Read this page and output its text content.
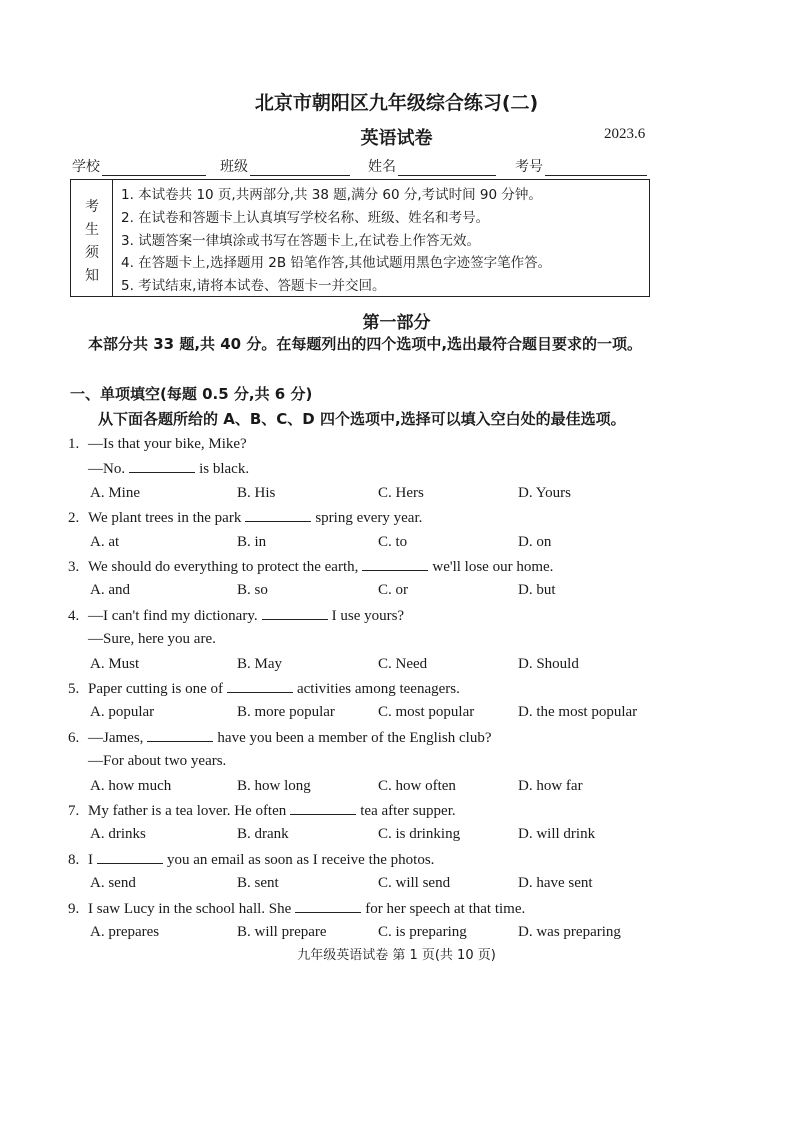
北京市朝阳区九年级综合练习(二)
英语试卷	2023.6
学校	班级	姓名	考号
考
生
须
知
1. 本试卷共 10 页,共两部分,共 38 题,满分 60 分,考试时间 90 分钟。
2. 在试卷和答题卡上认真填写学校名称、班级、姓名和考号。
3. 试题答案一律填涂或书写在答题卡上,在试卷上作答无效。
4. 在答题卡上,选择题用 2B 铅笔作答,其他试题用黑色字迹签字笔作答。
5. 考试结束,请将本试卷、答题卡一并交回。
第一部分
本部分共 33 题,共 40 分。在每题列出的四个选项中,选出最符合题目要求的一项。
一、单项填空(每题 0.5 分,共 6 分)
从下面各题所给的 A、B、C、D 四个选项中,选择可以填入空白处的最佳选项。
1. —Is that your bike, Mike?
—No.	is black.
A. Mine	B. His	C. Hers	D. Yours
2. We plant trees in the park	spring every year.
A. at	B. in	C. to	D. on
3. We should do everything to protect the earth,	we'll lose our home.
A. and	B. so	C. or	D. but
4. —I can't find my dictionary.	I use yours?
—Sure, here you are.
A. Must	B. May	C. Need	D. Should
5. Paper cutting is one of	activities among teenagers.
A. popular	B. more popular	C. most popular	D. the most popular
6. —James,	have you been a member of the English club?
—For about two years.
A. how much	B. how long	C. how often	D. how far
7. My father is a tea lover. He often	tea after supper.
A. drinks	B. drank	C. is drinking	D. will drink
8. I	you an email as soon as I receive the photos.
A. send	B. sent	C. will send	D. have sent
9. I saw Lucy in the school hall. She	for her speech at that time.
A. prepares	B. will prepare	C. is preparing	D. was preparing
九年级英语试卷 第 1 页(共 10 页)
